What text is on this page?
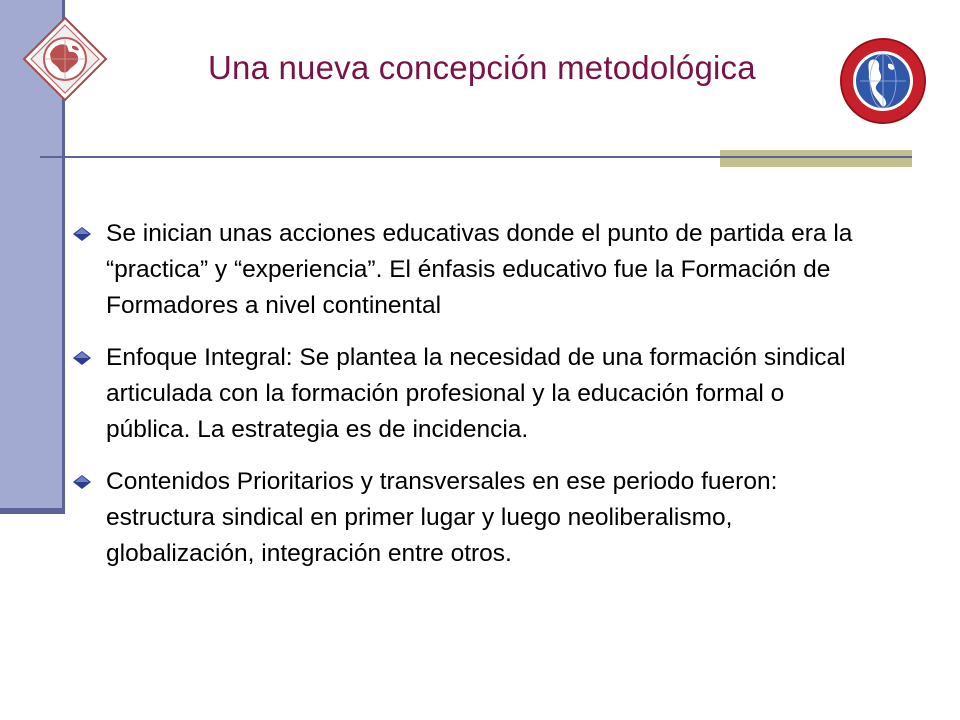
Una nueva concepción metodológica
Se inician unas acciones educativas donde el punto de partida era la “practica” y “experiencia”. El énfasis educativo fue la Formación de Formadores a nivel continental
Enfoque Integral: Se plantea la necesidad de una formación sindical articulada con la formación profesional y la educación formal o pública. La estrategia es de incidencia.
Contenidos Prioritarios y transversales en ese periodo fueron: estructura sindical en primer lugar y luego neoliberalismo, globalización, integración entre otros.
